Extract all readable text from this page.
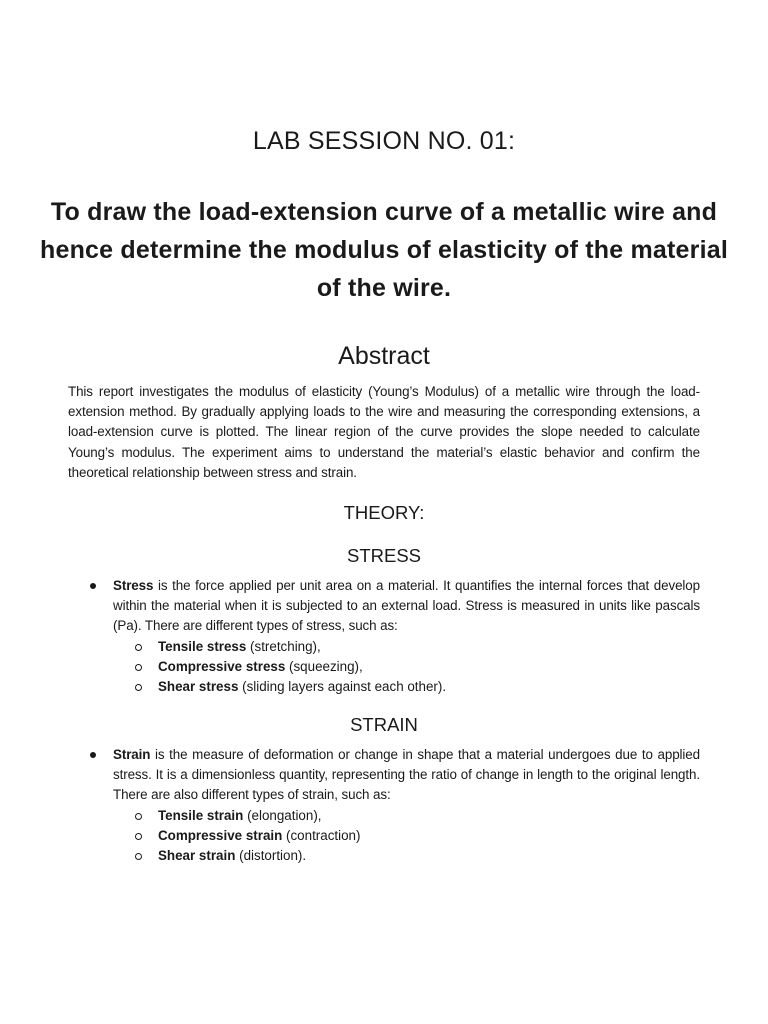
LAB SESSION NO. 01:
To draw the load-extension curve of a metallic wire and hence determine the modulus of elasticity of the material of the wire.
Abstract

This report investigates the modulus of elasticity (Young’s Modulus) of a metallic wire through the load-extension method. By gradually applying loads to the wire and measuring the corresponding extensions, a load-extension curve is plotted. The linear region of the curve provides the slope needed to calculate Young’s modulus. The experiment aims to understand the material’s elastic behavior and confirm the theoretical relationship between stress and strain.

THEORY:
STRESS
Stress is the force applied per unit area on a material. It quantifies the internal forces that develop within the material when it is subjected to an external load. Stress is measured in units like pascals (Pa). There are different types of stress, such as:
Tensile stress (stretching),
Compressive stress (squeezing),
Shear stress (sliding layers against each other).
STRAIN
Strain is the measure of deformation or change in shape that a material undergoes due to applied stress. It is a dimensionless quantity, representing the ratio of change in length to the original length. There are also different types of strain, such as:
Tensile strain (elongation),
Compressive strain (contraction)
Shear strain (distortion).
